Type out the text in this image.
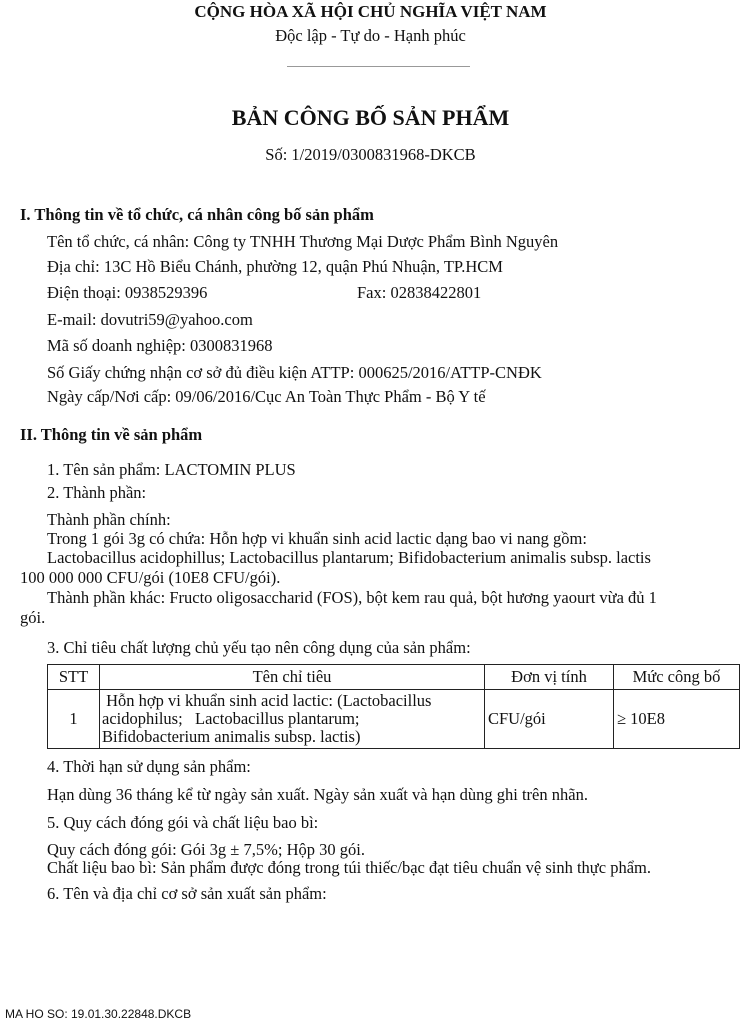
CỘNG HÒA XÃ HỘI CHỦ NGHĨA VIỆT NAM
Độc lập - Tự do - Hạnh phúc
BẢN CÔNG BỐ SẢN PHẨM
Số: 1/2019/0300831968-DKCB
I. Thông tin về tổ chức, cá nhân công bố sản phẩm
Tên tổ chức, cá nhân: Công ty TNHH Thương Mại Dược Phẩm Bình Nguyên
Địa chỉ: 13C Hồ Biểu Chánh, phường 12, quận Phú Nhuận, TP.HCM
Điện thoại: 0938529396	Fax: 02838422801
E-mail: dovutri59@yahoo.com
Mã số doanh nghiệp: 0300831968
Số Giấy chứng nhận cơ sở đủ điều kiện ATTP: 000625/2016/ATTP-CNĐK
Ngày cấp/Nơi cấp: 09/06/2016/Cục An Toàn Thực Phẩm - Bộ Y tế
II. Thông tin về sản phẩm
1. Tên sản phẩm: LACTOMIN PLUS
2. Thành phần:
Thành phần chính:
Trong 1 gói 3g có chứa: Hỗn hợp vi khuẩn sinh acid lactic dạng bao vi nang gồm:
Lactobacillus acidophillus; Lactobacillus plantarum; Bifidobacterium animalis subsp. lactis
100 000 000 CFU/gói (10E8 CFU/gói).
Thành phần khác: Fructo oligosaccharid (FOS), bột kem rau quả, bột hương yaourt vừa đủ 1
gói.
3. Chỉ tiêu chất lượng chủ yếu tạo nên công dụng của sản phẩm:
STT	Tên chỉ tiêu	Đơn vị tính	Mức công bố
1	Hỗn hợp vi khuẩn sinh acid lactic: (Lactobacillus
acidophilus;   Lactobacillus plantarum;
Bifidobacterium animalis subsp. lactis)	CFU/gói	≥ 10E8
4. Thời hạn sử dụng sản phẩm:
Hạn dùng 36 tháng kể từ ngày sản xuất. Ngày sản xuất và hạn dùng ghi trên nhãn.
5. Quy cách đóng gói và chất liệu bao bì:
Quy cách đóng gói: Gói 3g ± 7,5%; Hộp 30 gói.
Chất liệu bao bì: Sản phẩm được đóng trong túi thiếc/bạc đạt tiêu chuẩn vệ sinh thực phẩm.
6. Tên và địa chỉ cơ sở sản xuất sản phẩm:
MA HO SO: 19.01.30.22848.DKCB
